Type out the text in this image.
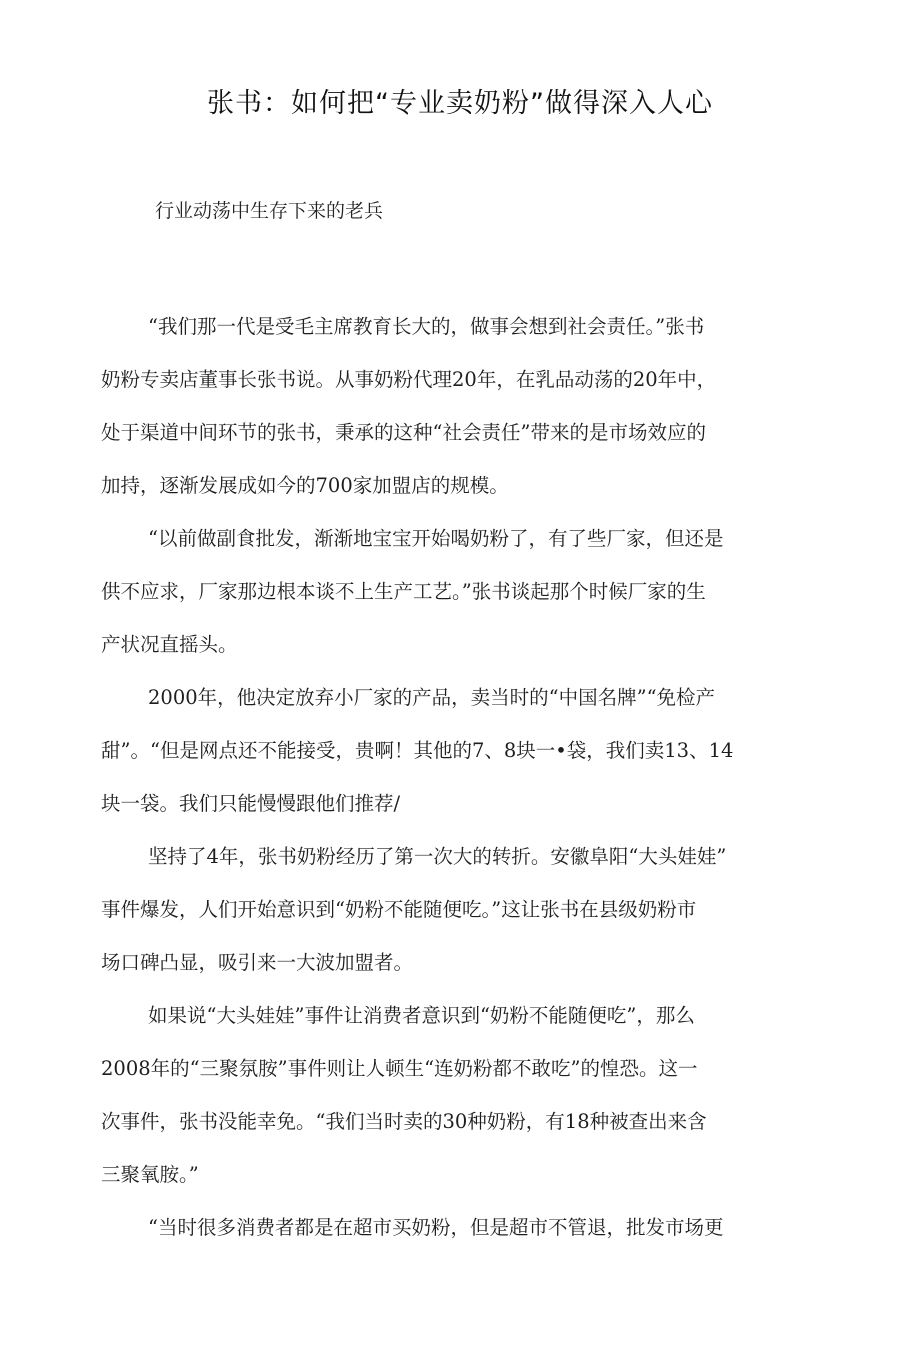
张书：如何把“专业卖奶粉”做得深入人心

行业动荡中生存下来的老兵

“我们那一代是受毛主席教育长大的，做事会想到社会责任。”张书
奶粉专卖店董事长张书说。从事奶粉代理20年，在乳品动荡的20年中，
处于渠道中间环节的张书，秉承的这种“社会责任”带来的是市场效应的
加持，逐渐发展成如今的700家加盟店的规模。
“以前做副食批发，渐渐地宝宝开始喝奶粉了，有了些厂家，但还是
供不应求，厂家那边根本谈不上生产工艺。”张书谈起那个时候厂家的生
产状况直摇头。
2000年，他决定放弃小厂家的产品，卖当时的“中国名牌”“免检产
甜”。“但是网点还不能接受，贵啊！其他的7、8块一•袋，我们卖13、14
块一袋。我们只能慢慢跟他们推荐/
坚持了4年，张书奶粉经历了第一次大的转折。安徽阜阳“大头娃娃”
事件爆发，人们开始意识到“奶粉不能随便吃。”这让张书在县级奶粉市
场口碑凸显，吸引来一大波加盟者。
如果说“大头娃娃”事件让消费者意识到“奶粉不能随便吃”，那么
2008年的“三聚氛胺”事件则让人顿生“连奶粉都不敢吃”的惶恐。这一
次事件，张书没能幸免。“我们当时卖的30种奶粉，有18种被查出来含
三聚氧胺。”
“当时很多消费者都是在超市买奶粉，但是超市不管退，批发市场更
